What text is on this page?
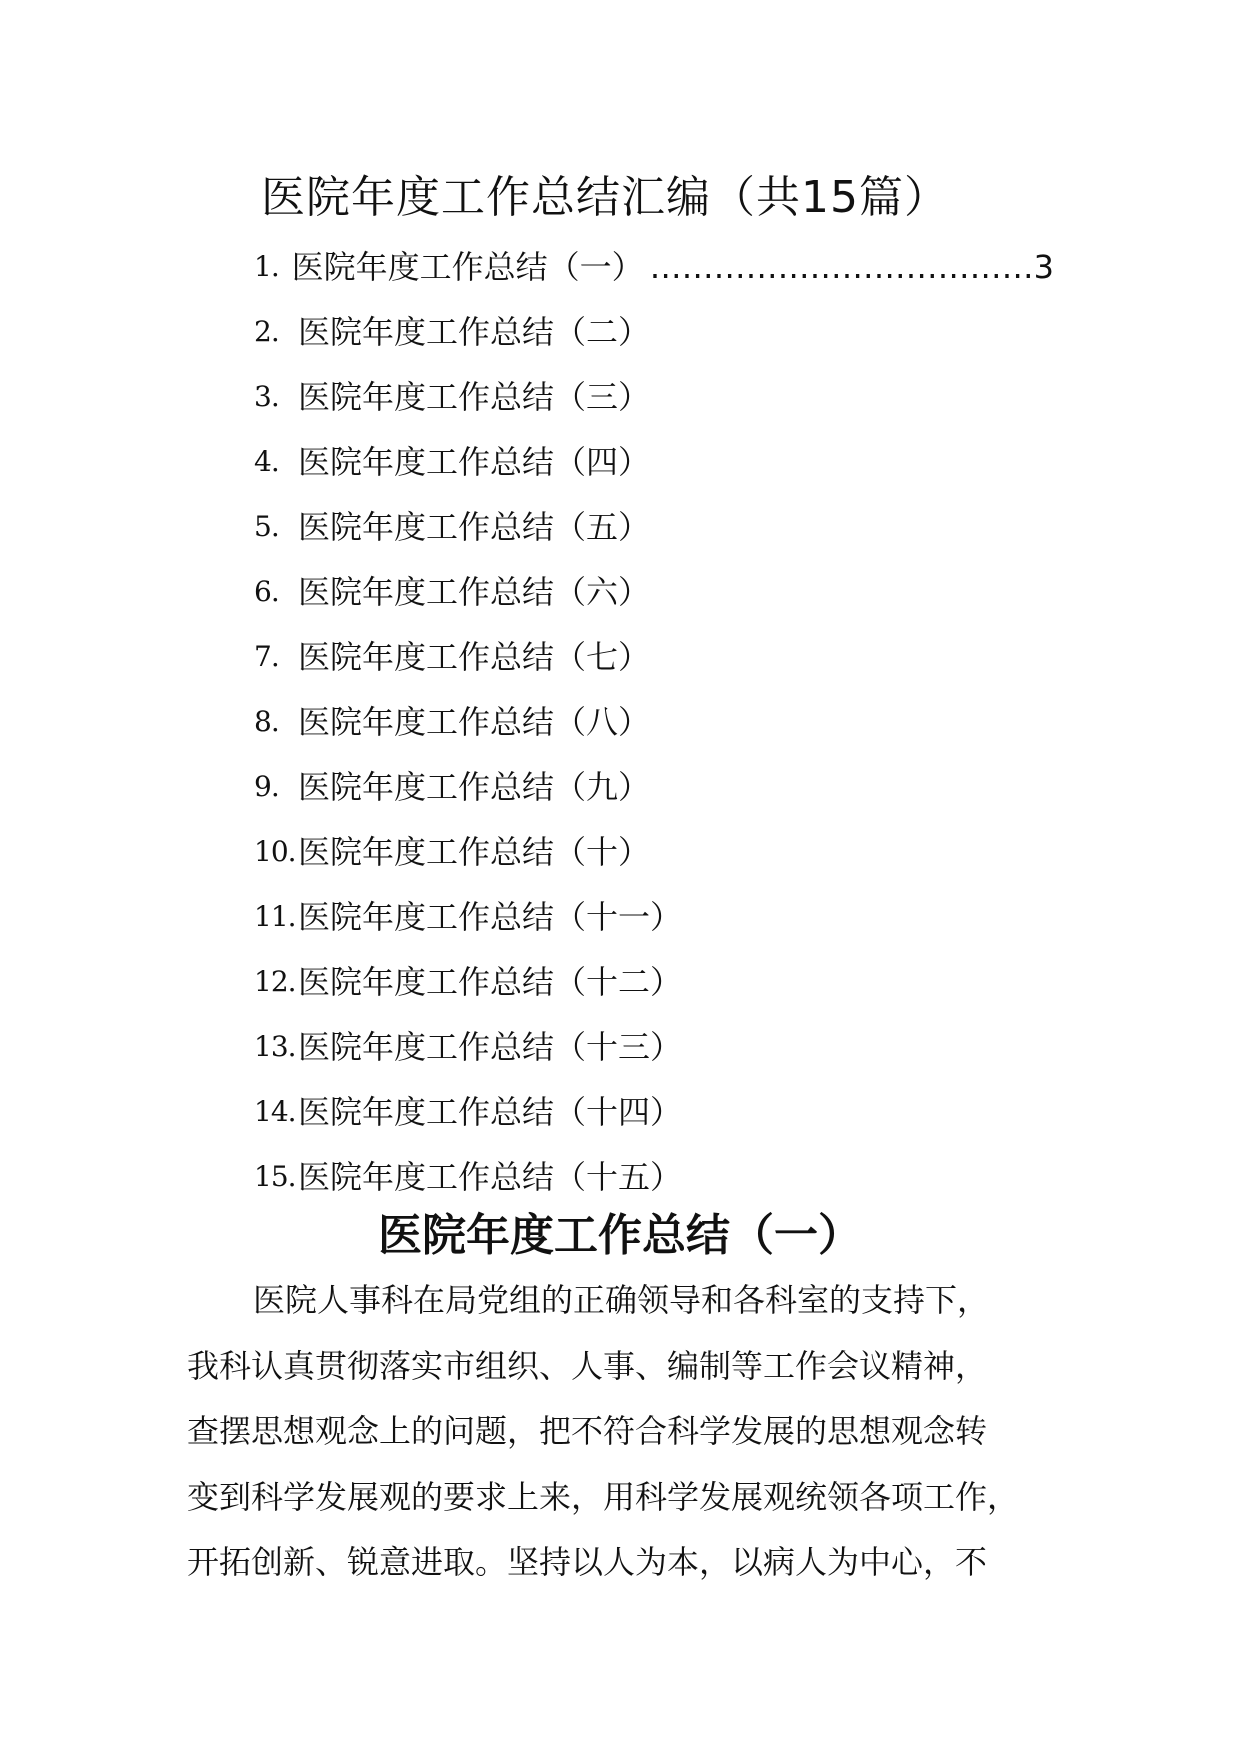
医院年度工作总结汇编（共15篇）
1. 医院年度工作总结（一） ……………………………… 3
2. 医院年度工作总结（二）
3. 医院年度工作总结（三）
4. 医院年度工作总结（四）
5. 医院年度工作总结（五）
6. 医院年度工作总结（六）
7. 医院年度工作总结（七）
8. 医院年度工作总结（八）
9. 医院年度工作总结（九）
10. 医院年度工作总结（十）
11. 医院年度工作总结（十一）
12. 医院年度工作总结（十二）
13. 医院年度工作总结（十三）
14. 医院年度工作总结（十四）
15. 医院年度工作总结（十五）
医院年度工作总结（一）

医院人事科在局党组的正确领导和各科室的支持下，
我科认真贯彻落实市组织、人事、编制等工作会议精神，
查摆思想观念上的问题，把不符合科学发展的思想观念转
变到科学发展观的要求上来，用科学发展观统领各项工作，
开拓创新、锐意进取。坚持以人为本，以病人为中心，不
